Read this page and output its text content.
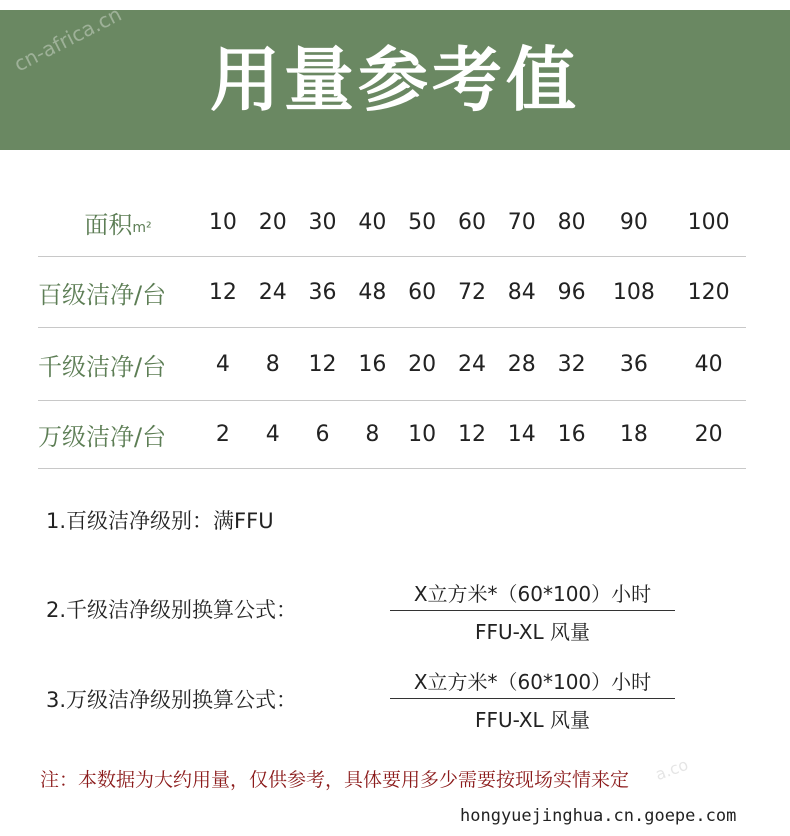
用量参考值
cn-africa.cn
面积m²	10	20	30	40	50	60	70	80	90	100
百级洁净/台	12	24	36	48	60	72	84	96	108	120
千级洁净/台	4	8	12	16	20	24	28	32	36	40
万级洁净/台	2	4	6	8	10	12	14	16	18	20
1.百级洁净级别：满FFU
2.千级洁净级别换算公式：
X立方米*（60*100）小时
FFU-XL 风量
3.万级洁净级别换算公式：
X立方米*（60*100）小时
FFU-XL 风量
注：本数据为大约用量，仅供参考，具体要用多少需要按现场实情来定 a.co
hongyuejinghua.cn.goepe.com
